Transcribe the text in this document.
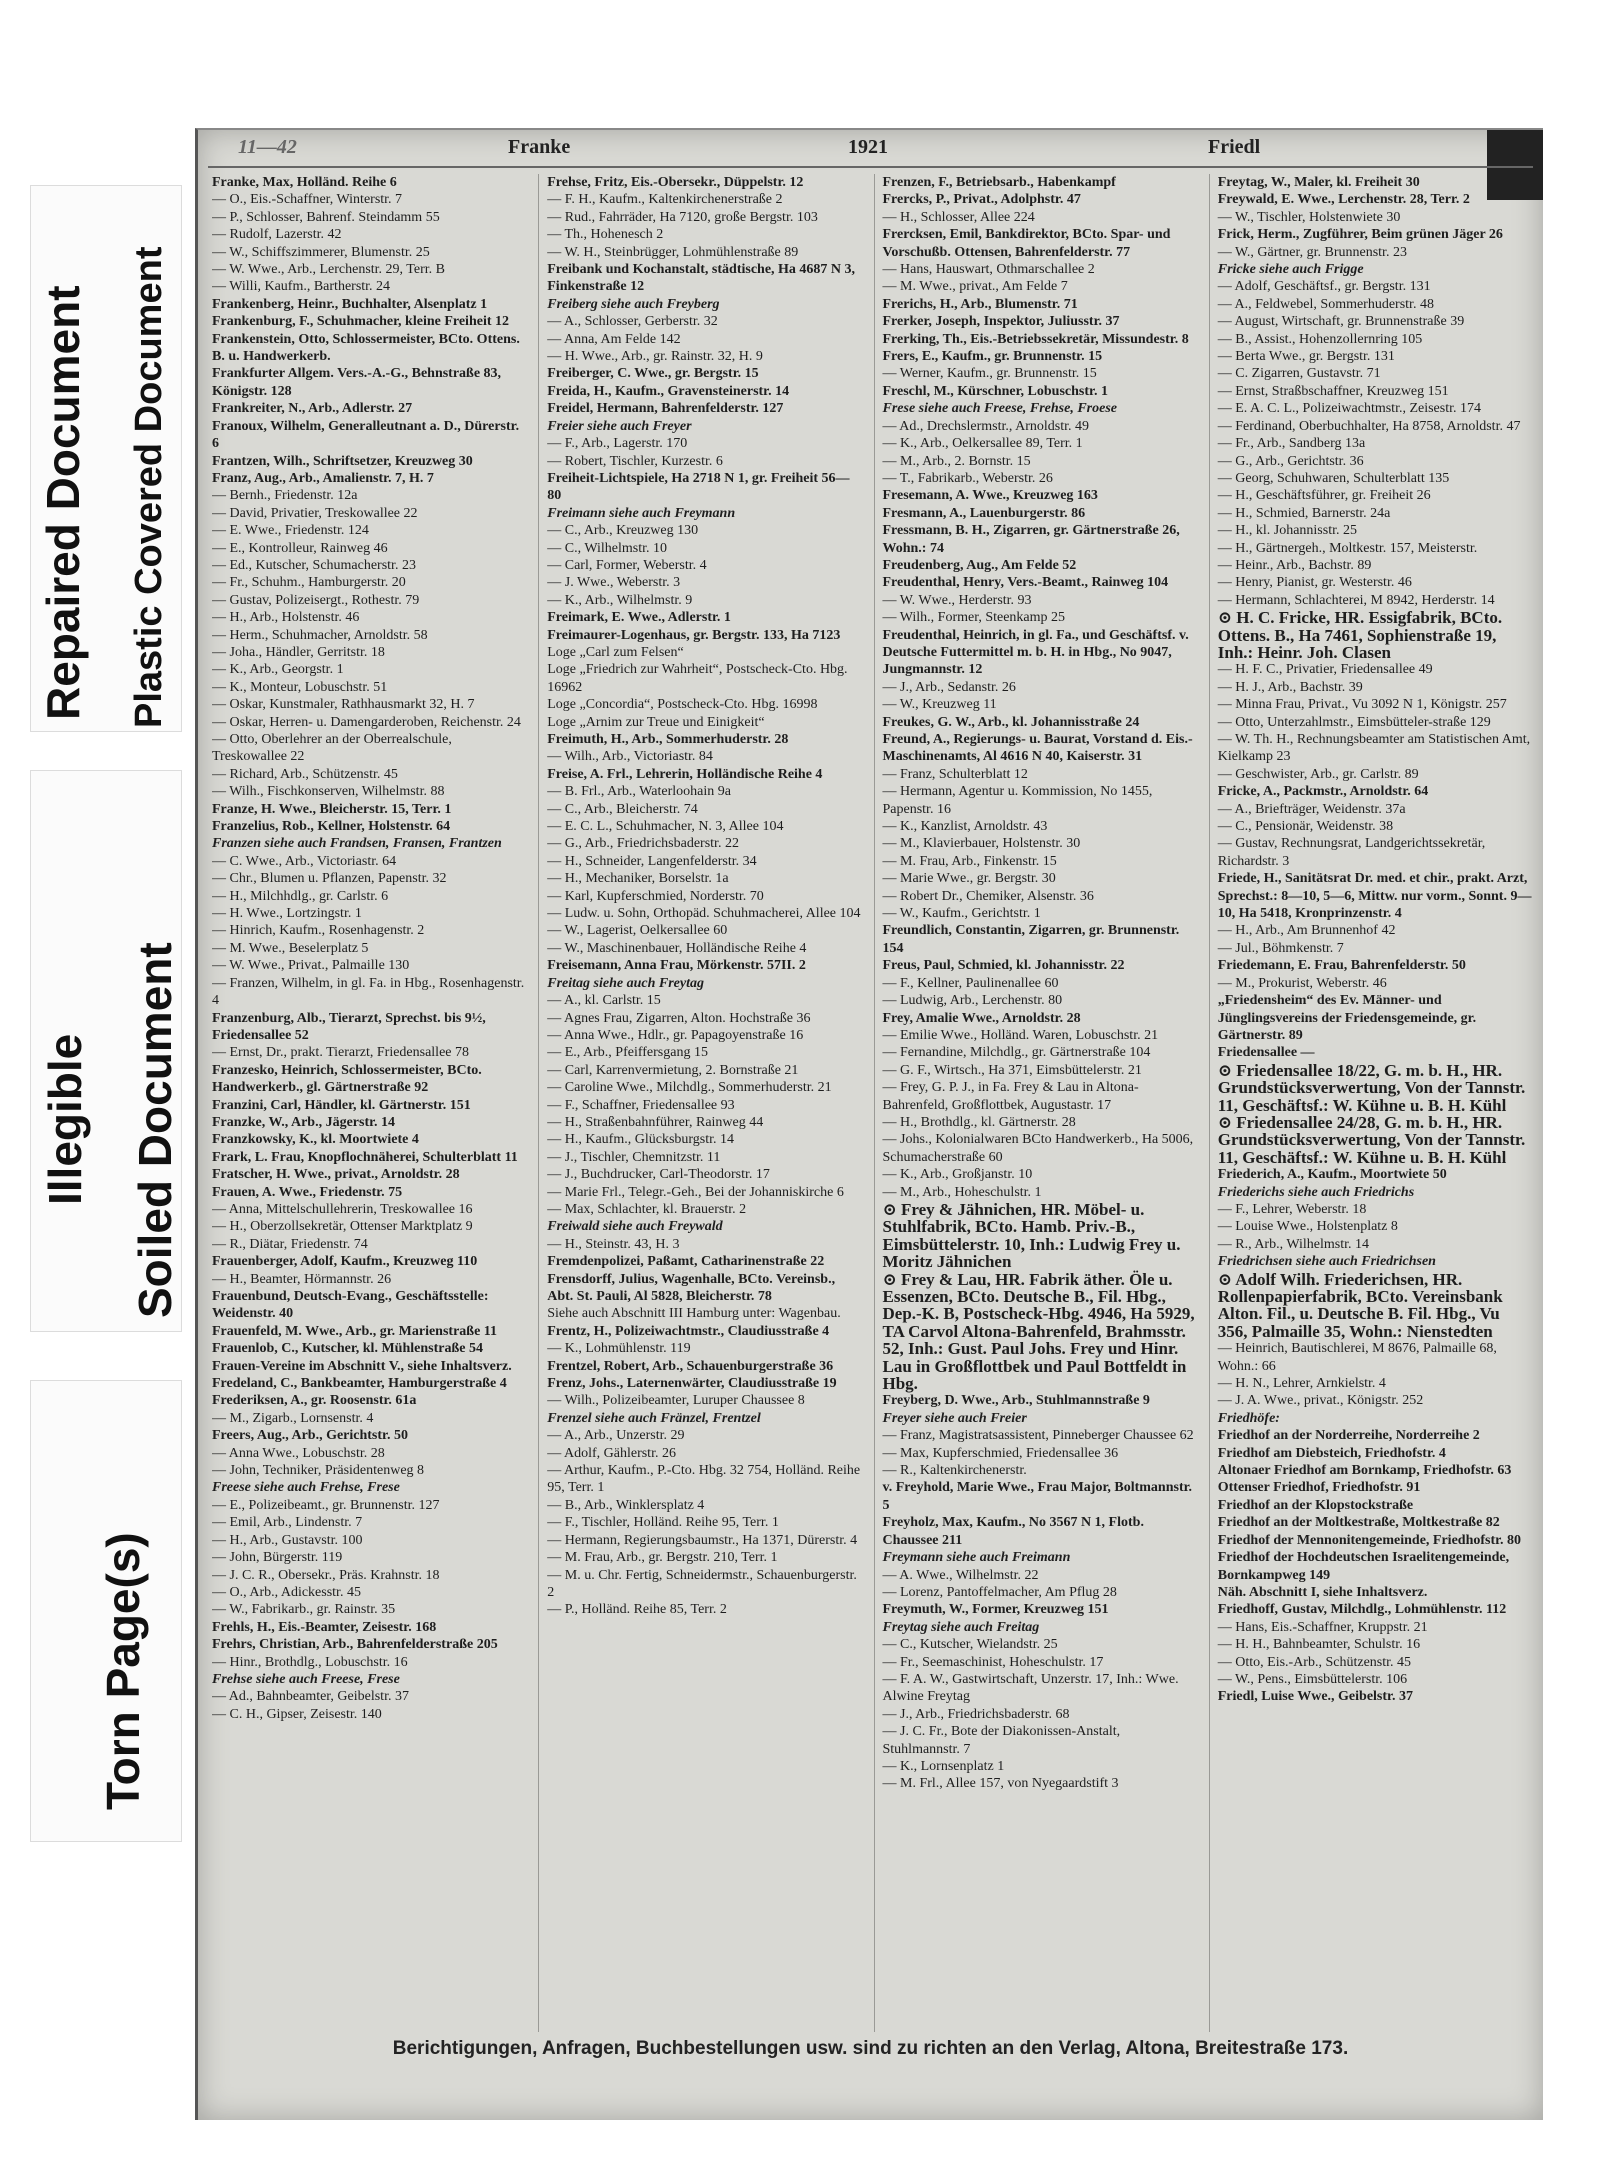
Repaired Document Plastic Covered Document
Illegible Soiled Document
Torn Page(s)
11—42	Franke	1921	Friedl

Franke, Max, Holländ. Reihe 6

— O., Eis.-Schaffner, Winterstr. 7

— P., Schlosser, Bahrenf. Steindamm 55

— Rudolf, Lazerstr. 42

— W., Schiffszimmerer, Blumenstr. 25

— W. Wwe., Arb., Lerchenstr. 29, Terr. B

— Willi, Kaufm., Bartherstr. 24

Frankenberg, Heinr., Buchhalter, Alsenplatz 1

Frankenburg, F., Schuhmacher, kleine Freiheit 12

Frankenstein, Otto, Schlossermeister, BCto. Ottens. B. u. Handwerkerb.

Frankfurter Allgem. Vers.-A.-G., Behnstraße 83, Königstr. 128

Frankreiter, N., Arb., Adlerstr. 27

Franoux, Wilhelm, Generalleutnant a. D., Dürerstr. 6

Frantzen, Wilh., Schriftsetzer, Kreuzweg 30

Franz, Aug., Arb., Amalienstr. 7, H. 7

— Bernh., Friedenstr. 12a

— David, Privatier, Treskowallee 22

— E. Wwe., Friedenstr. 124

— E., Kontrolleur, Rainweg 46

— Ed., Kutscher, Schumacherstr. 23

— Fr., Schuhm., Hamburgerstr. 20

— Gustav, Polizeisergt., Rothestr. 79

— H., Arb., Holstenstr. 46

— Herm., Schuhmacher, Arnoldstr. 58

— Joha., Händler, Gerritstr. 18

— K., Arb., Georgstr. 1

— K., Monteur, Lobuschstr. 51

— Oskar, Kunstmaler, Rathhausmarkt 32, H. 7

— Oskar, Herren- u. Damengarderoben, Reichenstr. 24

— Otto, Oberlehrer an der Oberrealschule, Treskowallee 22

— Richard, Arb., Schützenstr. 45

— Wilh., Fischkonserven, Wilhelmstr. 88

Franze, H. Wwe., Bleicherstr. 15, Terr. 1

Franzelius, Rob., Kellner, Holstenstr. 64

Franzen siehe auch Frandsen, Fransen, Frantzen

— C. Wwe., Arb., Victoriastr. 64

— Chr., Blumen u. Pflanzen, Papenstr. 32

— H., Milchhdlg., gr. Carlstr. 6

— H. Wwe., Lortzingstr. 1

— Hinrich, Kaufm., Rosenhagenstr. 2

— M. Wwe., Beselerplatz 5

— W. Wwe., Privat., Palmaille 130

— Franzen, Wilhelm, in gl. Fa. in Hbg., Rosenhagenstr. 4

Franzenburg, Alb., Tierarzt, Sprechst. bis 9½, Friedensallee 52

— Ernst, Dr., prakt. Tierarzt, Friedensallee 78

Franzesko, Heinrich, Schlossermeister, BCto. Handwerkerb., gl. Gärtnerstraße 92

Franzini, Carl, Händler, kl. Gärtnerstr. 151

Franzke, W., Arb., Jägerstr. 14

Franzkowsky, K., kl. Moortwiete 4

Frark, L. Frau, Knopflochnäherei, Schulterblatt 11

Fratscher, H. Wwe., privat., Arnoldstr. 28

Frauen, A. Wwe., Friedenstr. 75

— Anna, Mittelschullehrerin, Treskowallee 16

— H., Oberzollsekretär, Ottenser Marktplatz 9

— R., Diätar, Friedenstr. 74

Frauenberger, Adolf, Kaufm., Kreuzweg 110

— H., Beamter, Hörmannstr. 26

Frauenbund, Deutsch-Evang., Geschäftsstelle: Weidenstr. 40

Frauenfeld, M. Wwe., Arb., gr. Marienstraße 11

Frauenlob, C., Kutscher, kl. Mühlenstraße 54

Frauen-Vereine im Abschnitt V., siehe Inhaltsverz.

Fredeland, C., Bankbeamter, Hamburgerstraße 4

Frederiksen, A., gr. Roosenstr. 61a

— M., Zigarb., Lornsenstr. 4

Freers, Aug., Arb., Gerichtstr. 50

— Anna Wwe., Lobuschstr. 28

— John, Techniker, Präsidentenweg 8

Freese siehe auch Frehse, Frese

— E., Polizeibeamt., gr. Brunnenstr. 127

— Emil, Arb., Lindenstr. 7

— H., Arb., Gustavstr. 100

— John, Bürgerstr. 119

— J. C. R., Obersekr., Präs. Krahnstr. 18

— O., Arb., Adickesstr. 45

— W., Fabrikarb., gr. Rainstr. 35

Frehls, H., Eis.-Beamter, Zeisestr. 168

Frehrs, Christian, Arb., Bahrenfelderstraße 205

— Hinr., Brothdlg., Lobuschstr. 16

Frehse siehe auch Freese, Frese

— Ad., Bahnbeamter, Geibelstr. 37

— C. H., Gipser, Zeisestr. 140

Frehse, Fritz, Eis.-Obersekr., Düppelstr. 12

— F. H., Kaufm., Kaltenkirchenerstraße 2

— Rud., Fahrräder, Ha 7120, große Bergstr. 103

— Th., Hohenesch 2

— W. H., Steinbrügger, Lohmühlenstraße 89

Freibank und Kochanstalt, städtische, Ha 4687 N 3, Finkenstraße 12

Freiberg siehe auch Freyberg

— A., Schlosser, Gerberstr. 32

— Anna, Am Felde 142

— H. Wwe., Arb., gr. Rainstr. 32, H. 9

Freiberger, C. Wwe., gr. Bergstr. 15

Freida, H., Kaufm., Gravensteinerstr. 14

Freidel, Hermann, Bahrenfelderstr. 127

Freier siehe auch Freyer

— F., Arb., Lagerstr. 170

— Robert, Tischler, Kurzestr. 6

Freiheit-Lichtspiele, Ha 2718 N 1, gr. Freiheit 56—80

Freimann siehe auch Freymann

— C., Arb., Kreuzweg 130

— C., Wilhelmstr. 10

— Carl, Former, Weberstr. 4

— J. Wwe., Weberstr. 3

— K., Arb., Wilhelmstr. 9

Freimark, E. Wwe., Adlerstr. 1

Freimaurer-Logenhaus, gr. Bergstr. 133, Ha 7123

Loge „Carl zum Felsen“

Loge „Friedrich zur Wahrheit“, Postscheck-Cto. Hbg. 16962

Loge „Concordia“, Postscheck-Cto. Hbg. 16998

Loge „Arnim zur Treue und Einigkeit“

Freimuth, H., Arb., Sommerhuderstr. 28

— Wilh., Arb., Victoriastr. 84

Freise, A. Frl., Lehrerin, Holländische Reihe 4

— B. Frl., Arb., Waterloohain 9a

— C., Arb., Bleicherstr. 74

— E. C. L., Schuhmacher, N. 3, Allee 104

— G., Arb., Friedrichsbaderstr. 22

— H., Schneider, Langenfelderstr. 34

— H., Mechaniker, Borselstr. 1a

— Karl, Kupferschmied, Norderstr. 70

— Ludw. u. Sohn, Orthopäd. Schuhmacherei, Allee 104

— W., Lagerist, Oelkersallee 60

— W., Maschinenbauer, Holländische Reihe 4

Freisemann, Anna Frau, Mörkenstr. 57II. 2

Freitag siehe auch Freytag

— A., kl. Carlstr. 15

— Agnes Frau, Zigarren, Alton. Hochstraße 36

— Anna Wwe., Hdlr., gr. Papagoyenstraße 16

— E., Arb., Pfeiffersgang 15

— Carl, Karrenvermietung, 2. Bornstraße 21

— Caroline Wwe., Milchdlg., Sommerhuderstr. 21

— F., Schaffner, Friedensallee 93

— H., Straßenbahnführer, Rainweg 44

— H., Kaufm., Glücksburgstr. 14

— J., Tischler, Chemnitzstr. 11

— J., Buchdrucker, Carl-Theodorstr. 17

— Marie Frl., Telegr.-Geh., Bei der Johanniskirche 6

— Max, Schlachter, kl. Brauerstr. 2

Freiwald siehe auch Freywald

— H., Steinstr. 43, H. 3

Fremdenpolizei, Paßamt, Catharinenstraße 22

Frensdorff, Julius, Wagenhalle, BCto. Vereinsb., Abt. St. Pauli, Al 5828, Bleicherstr. 78

Siehe auch Abschnitt III Hamburg unter: Wagenbau.

Frentz, H., Polizeiwachtmstr., Claudiusstraße 4

— K., Lohmühlenstr. 119

Frentzel, Robert, Arb., Schauenburgerstraße 36

Frenz, Johs., Laternenwärter, Claudiusstraße 19

— Wilh., Polizeibeamter, Luruper Chaussee 8

Frenzel siehe auch Fränzel, Frentzel

— A., Arb., Unzerstr. 29

— Adolf, Gählerstr. 26

— Arthur, Kaufm., P.-Cto. Hbg. 32 754, Holländ. Reihe 95, Terr. 1

— B., Arb., Winklersplatz 4

— F., Tischler, Holländ. Reihe 95, Terr. 1

— Hermann, Regierungsbaumstr., Ha 1371, Dürerstr. 4

— M. Frau, Arb., gr. Bergstr. 210, Terr. 1

— M. u. Chr. Fertig, Schneidermstr., Schauenburgerstr. 2

— P., Holländ. Reihe 85, Terr. 2

Frenzen, F., Betriebsarb., Habenkampf

Frercks, P., Privat., Adolphstr. 47

— H., Schlosser, Allee 224

Frercksen, Emil, Bankdirektor, BCto. Spar- und Vorschußb. Ottensen, Bahrenfelderstr. 77

— Hans, Hauswart, Othmarschallee 2

— M. Wwe., privat., Am Felde 7

Frerichs, H., Arb., Blumenstr. 71

Frerker, Joseph, Inspektor, Juliusstr. 37

Frerking, Th., Eis.-Betriebssekretär, Missundestr. 8

Frers, E., Kaufm., gr. Brunnenstr. 15

— Werner, Kaufm., gr. Brunnenstr. 15

Freschl, M., Kürschner, Lobuschstr. 1

Frese siehe auch Freese, Frehse, Froese

— Ad., Drechslermstr., Arnoldstr. 49

— K., Arb., Oelkersallee 89, Terr. 1

— M., Arb., 2. Bornstr. 15

— T., Fabrikarb., Weberstr. 26

Fresemann, A. Wwe., Kreuzweg 163

Fresmann, A., Lauenburgerstr. 86

Fressmann, B. H., Zigarren, gr. Gärtnerstraße 26, Wohn.: 74

Freudenberg, Aug., Am Felde 52

Freudenthal, Henry, Vers.-Beamt., Rainweg 104

— W. Wwe., Herderstr. 93

— Wilh., Former, Steenkamp 25

Freudenthal, Heinrich, in gl. Fa., und Geschäftsf. v. Deutsche Futtermittel m. b. H. in Hbg., No 9047, Jungmannstr. 12

— J., Arb., Sedanstr. 26

— W., Kreuzweg 11

Freukes, G. W., Arb., kl. Johannisstraße 24

Freund, A., Regierungs- u. Baurat, Vorstand d. Eis.-Maschinenamts, Al 4616 N 40, Kaiserstr. 31

— Franz, Schulterblatt 12

— Hermann, Agentur u. Kommission, No 1455, Papenstr. 16

— K., Kanzlist, Arnoldstr. 43

— M., Klavierbauer, Holstenstr. 30

— M. Frau, Arb., Finkenstr. 15

— Marie Wwe., gr. Bergstr. 30

— Robert Dr., Chemiker, Alsenstr. 36

— W., Kaufm., Gerichtstr. 1

Freundlich, Constantin, Zigarren, gr. Brunnenstr. 154

Freus, Paul, Schmied, kl. Johannisstr. 22

— F., Kellner, Paulinenallee 60

— Ludwig, Arb., Lerchenstr. 80

Frey, Amalie Wwe., Arnoldstr. 28

— Emilie Wwe., Holländ. Waren, Lobuschstr. 21

— Fernandine, Milchdlg., gr. Gärtnerstraße 104

— G. F., Wirtsch., Ha 371, Eimsbüttelerstr. 21

— Frey, G. P. J., in Fa. Frey & Lau in Altona-Bahrenfeld, Großflottbek, Augustastr. 17

— H., Brothdlg., kl. Gärtnerstr. 28

— Johs., Kolonialwaren BCto Handwerkerb., Ha 5006, Schumacherstraße 60

— K., Arb., Großjanstr. 10

— M., Arb., Hoheschulstr. 1

⊙ Frey & Jähnichen, HR. Möbel- u. Stuhlfabrik, BCto. Hamb. Priv.-B., Eimsbüttelerstr. 10, Inh.: Ludwig Frey u. Moritz Jähnichen

⊙ Frey & Lau, HR. Fabrik äther. Öle u. Essenzen, BCto. Deutsche B., Fil. Hbg., Dep.-K. B, Postscheck-Hbg. 4946, Ha 5929, TA Carvol Altona-Bahrenfeld, Brahmsstr. 52, Inh.: Gust. Paul Johs. Frey und Hinr. Lau in Großflottbek und Paul Bottfeldt in Hbg.

Freyberg, D. Wwe., Arb., Stuhlmannstraße 9

Freyer siehe auch Freier

— Franz, Magistratsassistent, Pinneberger Chaussee 62

— Max, Kupferschmied, Friedensallee 36

— R., Kaltenkirchenerstr.

v. Freyhold, Marie Wwe., Frau Major, Boltmannstr. 5

Freyholz, Max, Kaufm., No 3567 N 1, Flotb. Chaussee 211

Freymann siehe auch Freimann

— A. Wwe., Wilhelmstr. 22

— Lorenz, Pantoffelmacher, Am Pflug 28

Freymuth, W., Former, Kreuzweg 151

Freytag siehe auch Freitag

— C., Kutscher, Wielandstr. 25

— Fr., Seemaschinist, Hoheschulstr. 17

— F. A. W., Gastwirtschaft, Unzerstr. 17, Inh.: Wwe. Alwine Freytag

— J., Arb., Friedrichsbaderstr. 68

— J. C. Fr., Bote der Diakonissen-Anstalt, Stuhlmannstr. 7

— K., Lornsenplatz 1

— M. Frl., Allee 157, von Nyegaardstift 3

Freytag, W., Maler, kl. Freiheit 30

Freywald, E. Wwe., Lerchenstr. 28, Terr. 2

— W., Tischler, Holstenwiete 30

Frick, Herm., Zugführer, Beim grünen Jäger 26

— W., Gärtner, gr. Brunnenstr. 23

Fricke siehe auch Frigge

— Adolf, Geschäftsf., gr. Bergstr. 131

— A., Feldwebel, Sommerhuderstr. 48

— August, Wirtschaft, gr. Brunnenstraße 39

— B., Assist., Hohenzollernring 105

— Berta Wwe., gr. Bergstr. 131

— C. Zigarren, Gustavstr. 71

— Ernst, Straßbschaffner, Kreuzweg 151

— E. A. C. L., Polizeiwachtmstr., Zeisestr. 174

— Ferdinand, Oberbuchhalter, Ha 8758, Arnoldstr. 47

— Fr., Arb., Sandberg 13a

— G., Arb., Gerichtstr. 36

— Georg, Schuhwaren, Schulterblatt 135

— H., Geschäftsführer, gr. Freiheit 26

— H., Schmied, Barnerstr. 24a

— H., kl. Johannisstr. 25

— H., Gärtnergeh., Moltkestr. 157, Meisterstr.

— Heinr., Arb., Bachstr. 89

— Henry, Pianist, gr. Westerstr. 46

— Hermann, Schlachterei, M 8942, Herderstr. 14

⊙ H. C. Fricke, HR. Essigfabrik, BCto. Ottens. B., Ha 7461, Sophienstraße 19, Inh.: Heinr. Joh. Clasen

— H. F. C., Privatier, Friedensallee 49

— H. J., Arb., Bachstr. 39

— Minna Frau, Privat., Vu 3092 N 1, Königstr. 257

— Otto, Unterzahlmstr., Eimsbütteler-straße 129

— W. Th. H., Rechnungsbeamter am Statistischen Amt, Kielkamp 23

— Geschwister, Arb., gr. Carlstr. 89

Fricke, A., Packmstr., Arnoldstr. 64

— A., Briefträger, Weidenstr. 37a

— C., Pensionär, Weidenstr. 38

— Gustav, Rechnungsrat, Landgerichtssekretär, Richardstr. 3

Friede, H., Sanitätsrat Dr. med. et chir., prakt. Arzt, Sprechst.: 8—10, 5—6, Mittw. nur vorm., Sonnt. 9—10, Ha 5418, Kronprinzenstr. 4

— H., Arb., Am Brunnenhof 42

— Jul., Böhmkenstr. 7

Friedemann, E. Frau, Bahrenfelderstr. 50

— M., Prokurist, Weberstr. 46

„Friedensheim“ des Ev. Männer- und Jünglingsvereins der Friedensgemeinde, gr. Gärtnerstr. 89

Friedensallee —

⊙ Friedensallee 18/22, G. m. b. H., HR. Grundstücksverwertung, Von der Tannstr. 11, Geschäftsf.: W. Kühne u. B. H. Kühl

⊙ Friedensallee 24/28, G. m. b. H., HR. Grundstücksverwertung, Von der Tannstr. 11, Geschäftsf.: W. Kühne u. B. H. Kühl

Friederich, A., Kaufm., Moortwiete 50

Friederichs siehe auch Friedrichs

— F., Lehrer, Weberstr. 18

— Louise Wwe., Holstenplatz 8

— R., Arb., Wilhelmstr. 14

Friedrichsen siehe auch Friedrichsen

⊙ Adolf Wilh. Friederichsen, HR. Rollenpapierfabrik, BCto. Vereinsbank Alton. Fil., u. Deutsche B. Fil. Hbg., Vu 356, Palmaille 35, Wohn.: Nienstedten

— Heinrich, Bautischlerei, M 8676, Palmaille 68, Wohn.: 66

— H. N., Lehrer, Arnkielstr. 4

— J. A. Wwe., privat., Königstr. 252

Friedhöfe:

Friedhof an der Norderreihe, Norderreihe 2

Friedhof am Diebsteich, Friedhofstr. 4

Altonaer Friedhof am Bornkamp, Friedhofstr. 63

Ottenser Friedhof, Friedhofstr. 91

Friedhof an der Klopstockstraße

Friedhof an der Moltkestraße, Moltkestraße 82

Friedhof der Mennonitengemeinde, Friedhofstr. 80

Friedhof der Hochdeutschen Israelitengemeinde, Bornkampweg 149

Näh. Abschnitt I, siehe Inhaltsverz.

Friedhoff, Gustav, Milchdlg., Lohmühlenstr. 112

— Hans, Eis.-Schaffner, Kruppstr. 21

— H. H., Bahnbeamter, Schulstr. 16

— Otto, Eis.-Arb., Schützenstr. 45

— W., Pens., Eimsbüttelerstr. 106

Friedl, Luise Wwe., Geibelstr. 37

Berichtigungen, Anfragen, Buchbestellungen usw. sind zu richten an den Verlag, Altona, Breitestraße 173.
